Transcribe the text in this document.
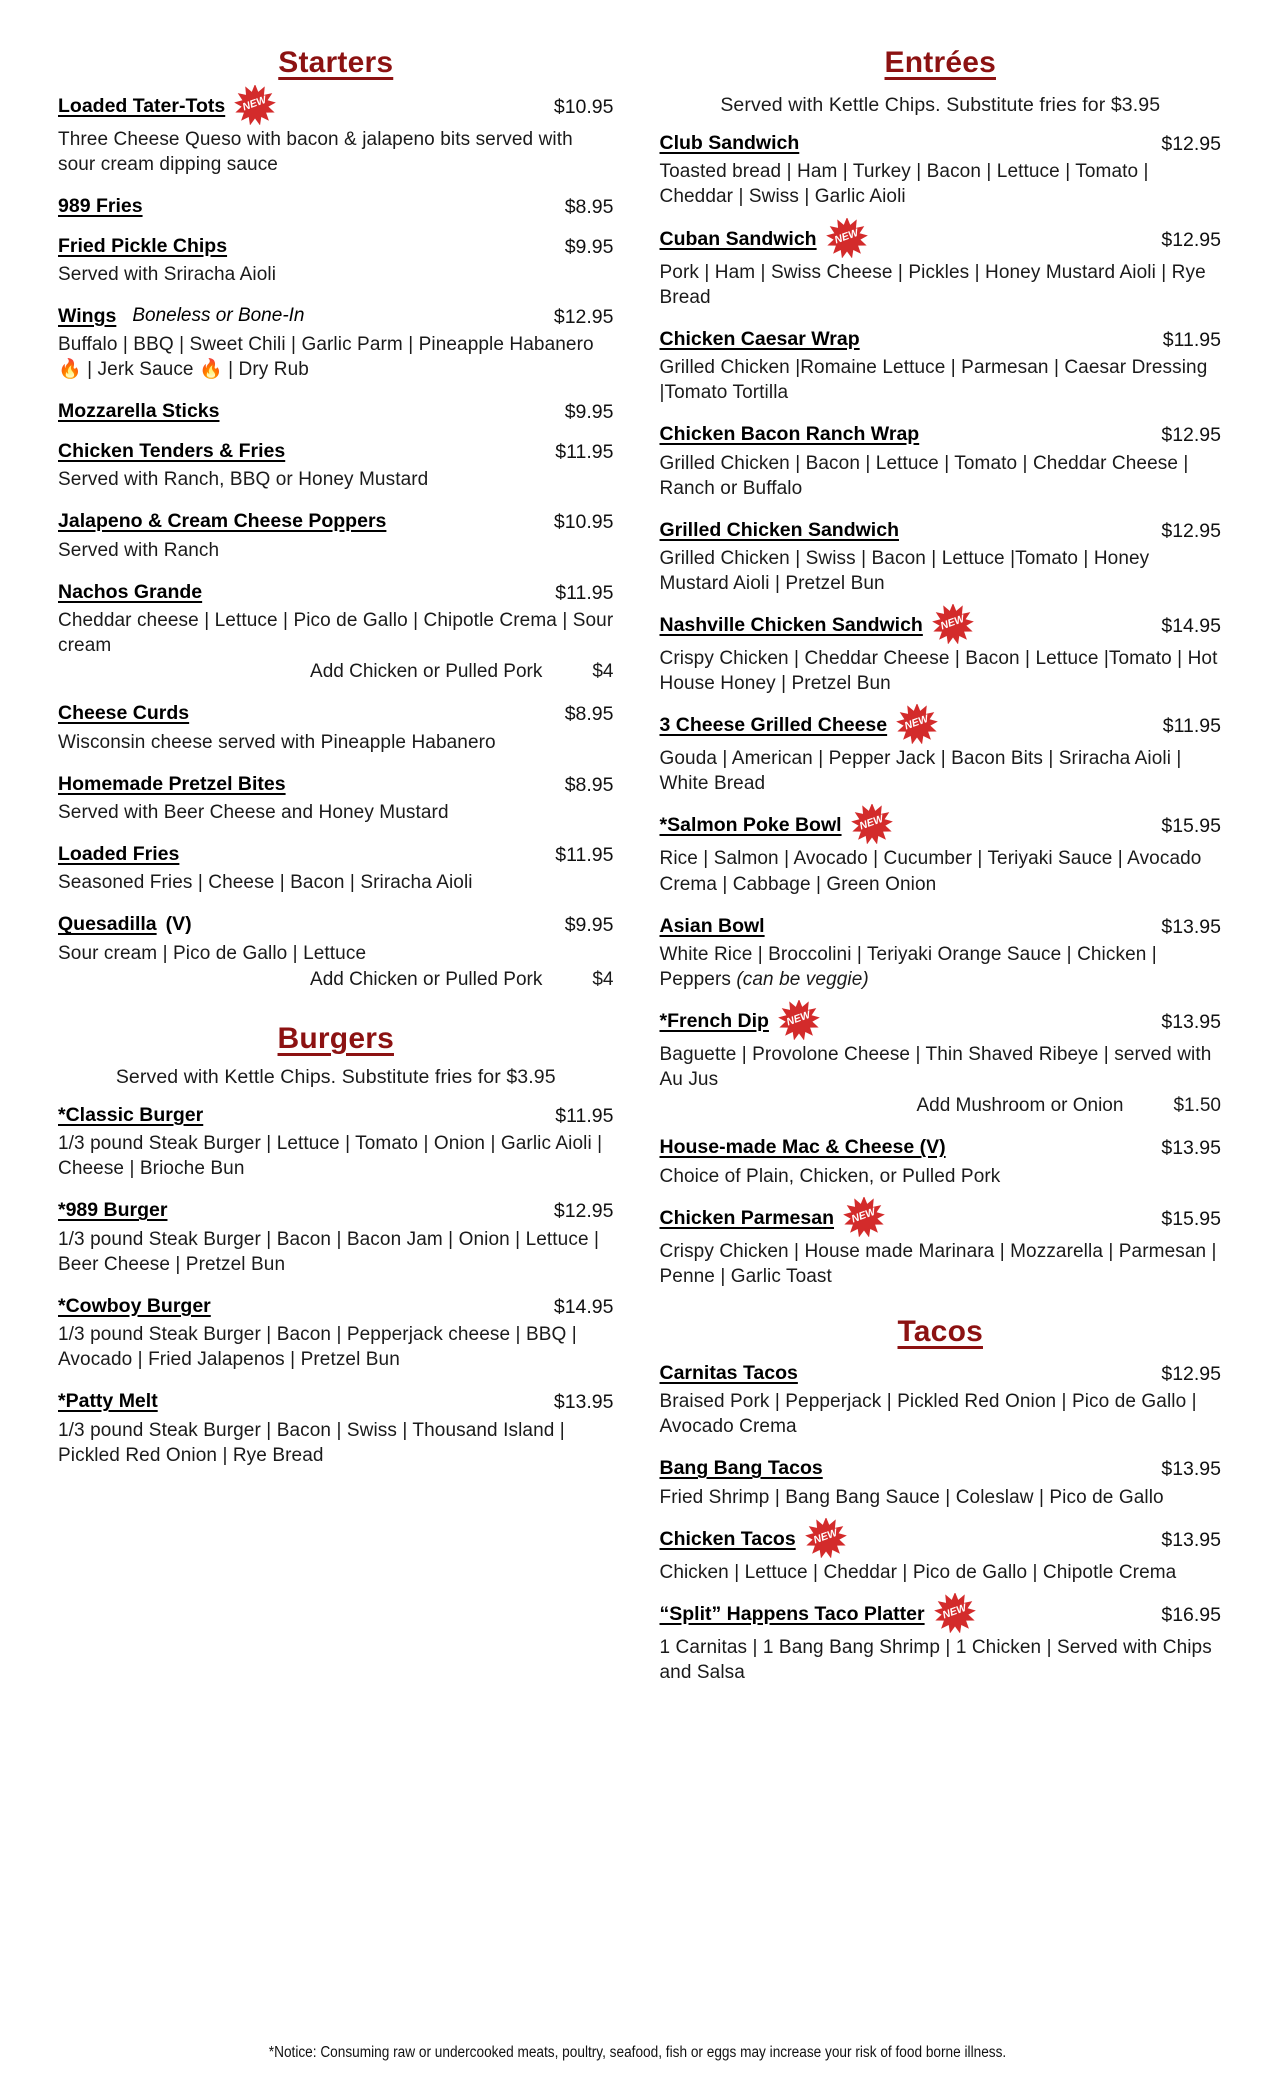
Starters
Loaded Tater-Tots NEW	$10.95
Three Cheese Queso with bacon & jalapeno bits served with sour cream dipping sauce
989 Fries	$8.95
Fried Pickle Chips	$9.95
Served with Sriracha Aioli
Wings Boneless or Bone-In	$12.95
Buffalo | BBQ | Sweet Chili | Garlic Parm | Pineapple Habanero 🔥 | Jerk Sauce 🔥 | Dry Rub
Mozzarella Sticks	$9.95
Chicken Tenders & Fries	$11.95
Served with Ranch, BBQ or Honey Mustard
Jalapeno & Cream Cheese Poppers	$10.95
Served with Ranch
Nachos Grande	$11.95
Cheddar cheese | Lettuce | Pico de Gallo | Chipotle Crema | Sour cream
Add Chicken or Pulled Pork	$4
Cheese Curds	$8.95
Wisconsin cheese served with Pineapple Habanero
Homemade Pretzel Bites	$8.95
Served with Beer Cheese and Honey Mustard
Loaded Fries	$11.95
Seasoned Fries | Cheese | Bacon | Sriracha Aioli
Quesadilla (V)	$9.95
Sour cream | Pico de Gallo | Lettuce
Add Chicken or Pulled Pork	$4
Burgers
Served with Kettle Chips. Substitute fries for $3.95
*Classic Burger	$11.95
1/3 pound Steak Burger | Lettuce | Tomato | Onion | Garlic Aioli | Cheese | Brioche Bun
*989 Burger	$12.95
1/3 pound Steak Burger | Bacon | Bacon Jam | Onion | Lettuce | Beer Cheese | Pretzel Bun
*Cowboy Burger	$14.95
1/3 pound Steak Burger | Bacon | Pepperjack cheese | BBQ | Avocado | Fried Jalapenos | Pretzel Bun
*Patty Melt	$13.95
1/3 pound Steak Burger | Bacon | Swiss | Thousand Island | Pickled Red Onion | Rye Bread
Entrées
Served with Kettle Chips. Substitute fries for $3.95
Club Sandwich	$12.95
Toasted bread | Ham | Turkey | Bacon | Lettuce | Tomato | Cheddar | Swiss | Garlic Aioli
Cuban Sandwich NEW	$12.95
Pork | Ham | Swiss Cheese | Pickles | Honey Mustard Aioli | Rye Bread
Chicken Caesar Wrap	$11.95
Grilled Chicken |Romaine Lettuce | Parmesan | Caesar Dressing |Tomato Tortilla
Chicken Bacon Ranch Wrap	$12.95
Grilled Chicken | Bacon | Lettuce | Tomato | Cheddar Cheese | Ranch or Buffalo
Grilled Chicken Sandwich	$12.95
Grilled Chicken | Swiss | Bacon | Lettuce |Tomato | Honey Mustard Aioli | Pretzel Bun
Nashville Chicken Sandwich NEW	$14.95
Crispy Chicken | Cheddar Cheese | Bacon | Lettuce |Tomato | Hot House Honey | Pretzel Bun
3 Cheese Grilled Cheese NEW	$11.95
Gouda | American | Pepper Jack | Bacon Bits | Sriracha Aioli | White Bread
*Salmon Poke Bowl NEW	$15.95
Rice | Salmon | Avocado | Cucumber | Teriyaki Sauce | Avocado Crema | Cabbage | Green Onion
Asian Bowl	$13.95
White Rice | Broccolini | Teriyaki Orange Sauce | Chicken | Peppers (can be veggie)
*French Dip NEW	$13.95
Baguette | Provolone Cheese | Thin Shaved Ribeye | served with Au Jus
Add Mushroom or Onion	$1.50
House-made Mac & Cheese (V)	$13.95
Choice of Plain, Chicken, or Pulled Pork
Chicken Parmesan NEW	$15.95
Crispy Chicken | House made Marinara | Mozzarella | Parmesan | Penne | Garlic Toast
Tacos
Carnitas Tacos	$12.95
Braised Pork | Pepperjack | Pickled Red Onion | Pico de Gallo | Avocado Crema
Bang Bang Tacos	$13.95
Fried Shrimp | Bang Bang Sauce | Coleslaw | Pico de Gallo
Chicken Tacos NEW	$13.95
Chicken | Lettuce | Cheddar | Pico de Gallo | Chipotle Crema
“Split” Happens Taco Platter NEW	$16.95
1 Carnitas | 1 Bang Bang Shrimp | 1 Chicken | Served with Chips and Salsa
*Notice: Consuming raw or undercooked meats, poultry, seafood, fish or eggs may increase your risk of food borne illness.
